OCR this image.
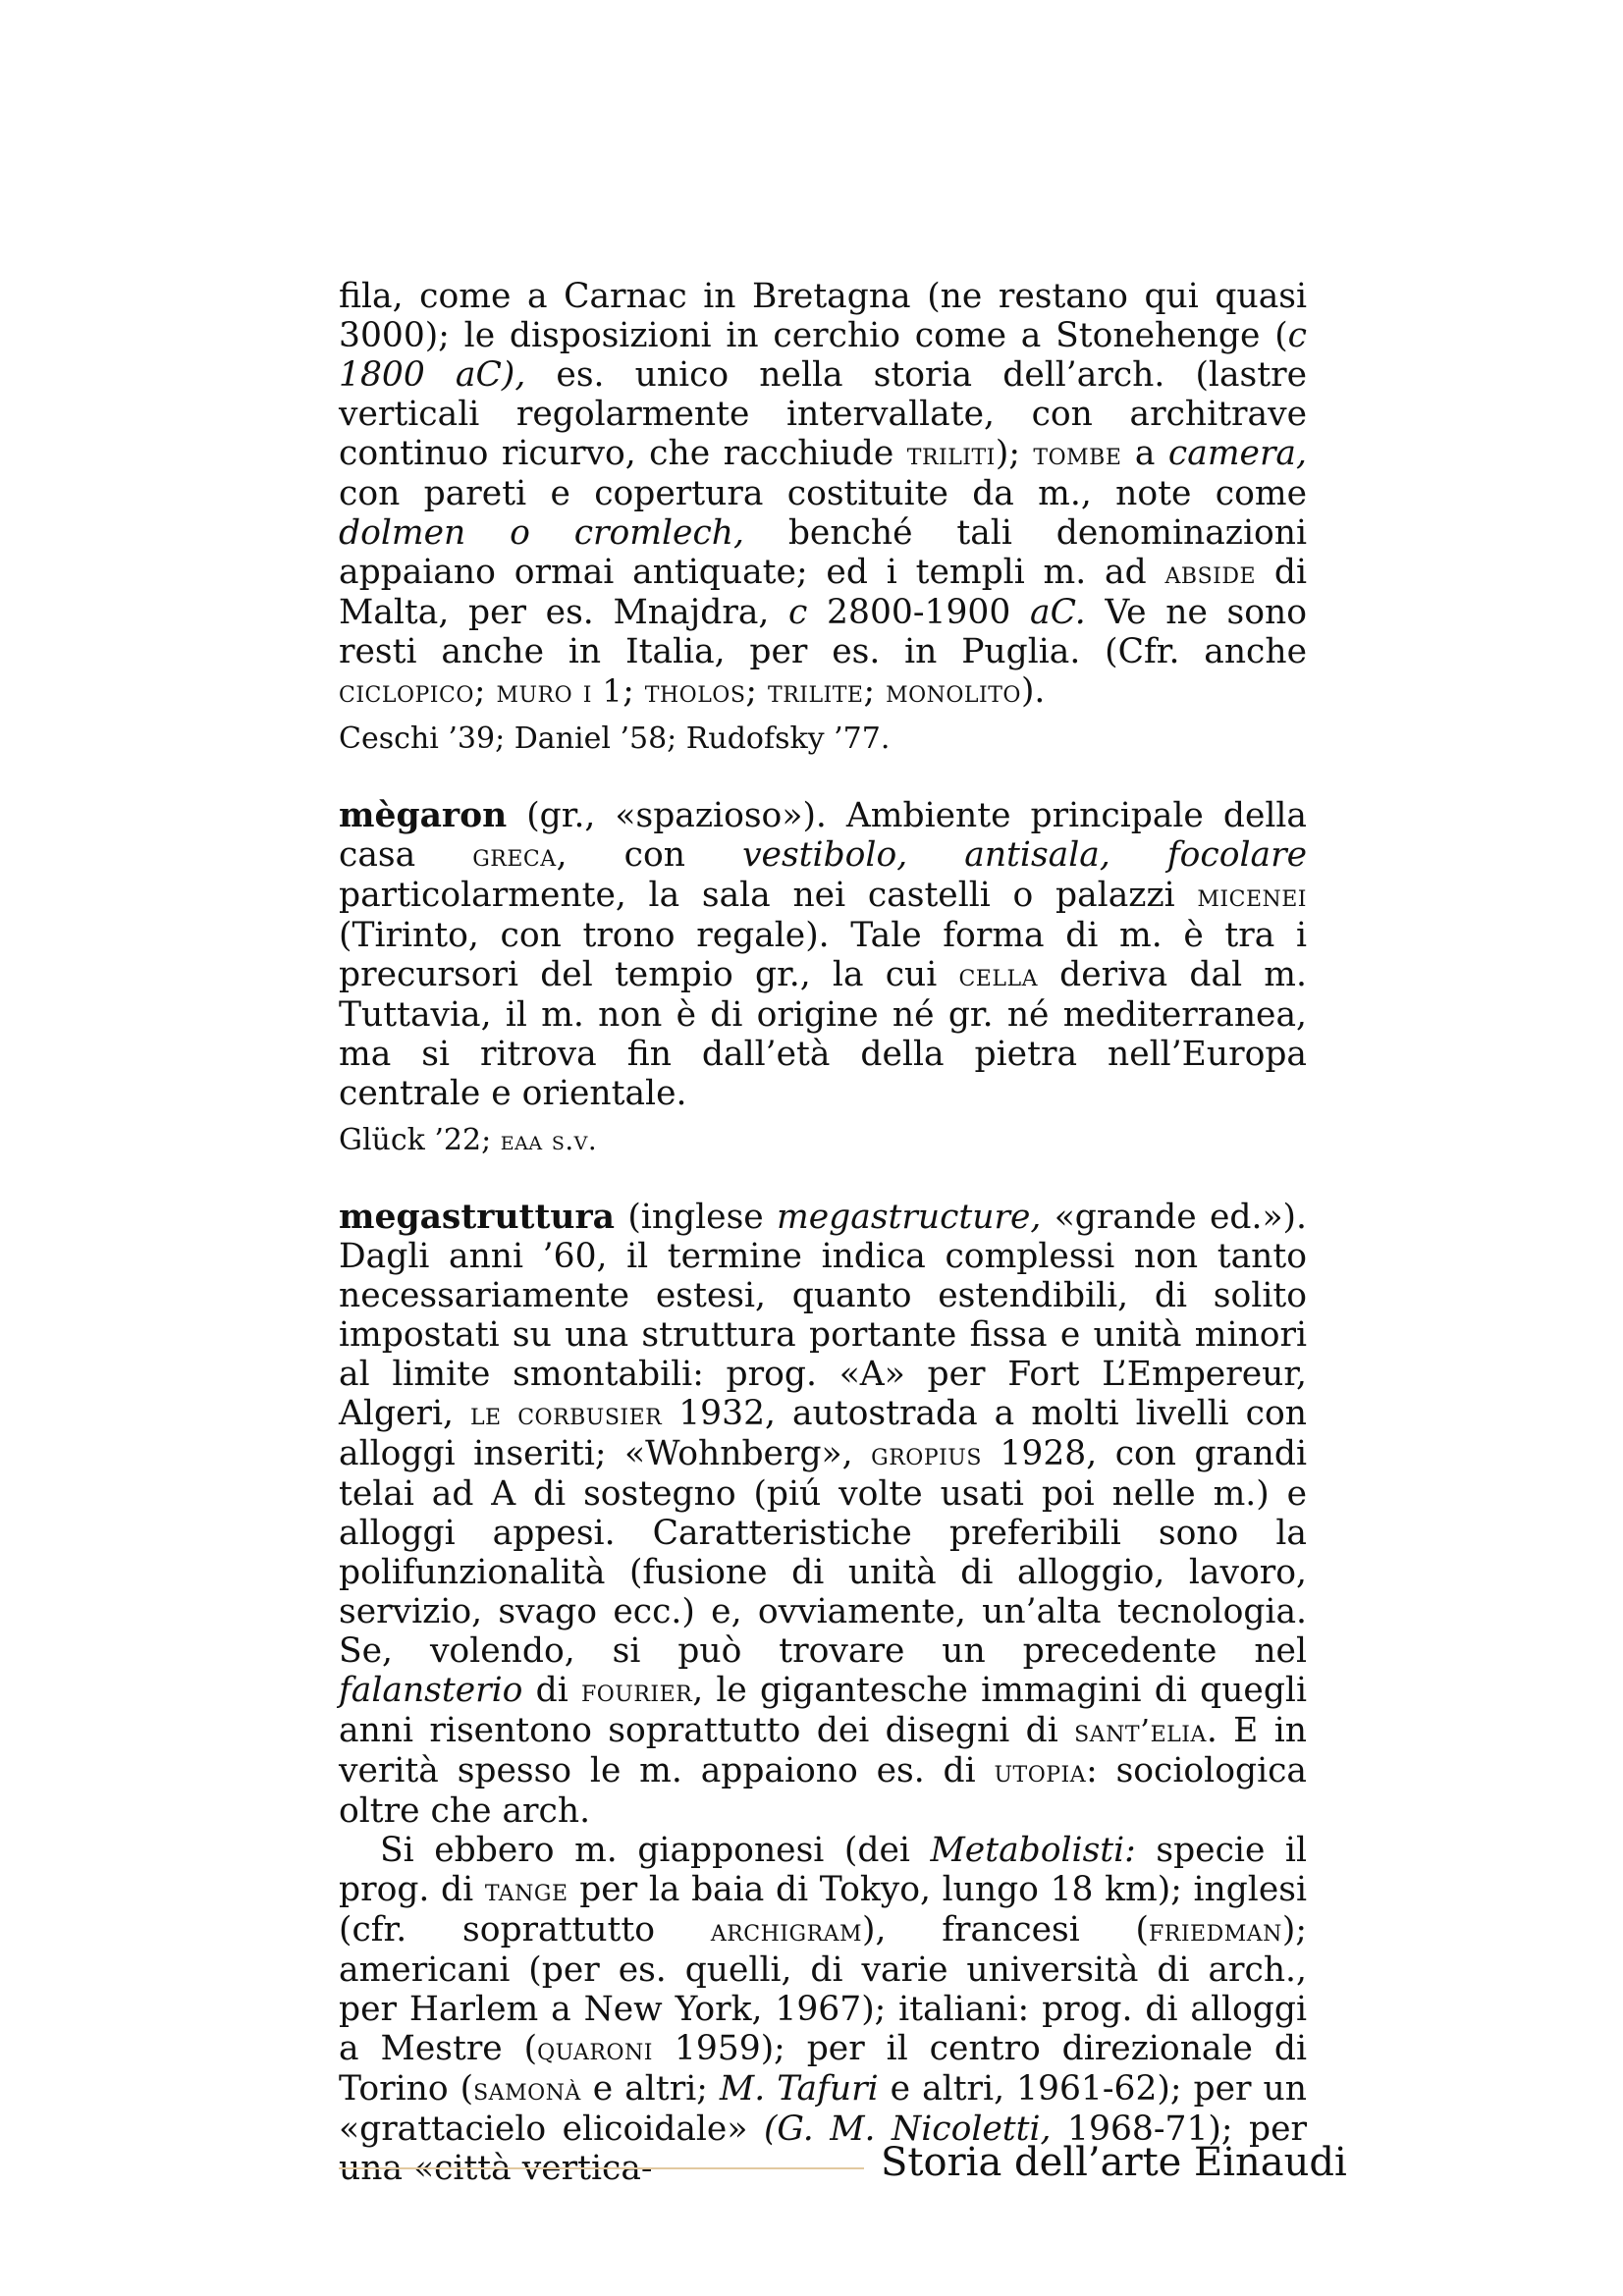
fila, come a Carnac in Bretagna (ne restano qui quasi 3000); le disposizioni in cerchio come a Stonehenge (c 1800 aC), es. unico nella storia dell’arch. (lastre verticali regolarmente intervallate, con architrave continuo ricurvo, che racchiude triliti); tombe a camera, con pareti e copertura costituite da m., note come dolmen o cromlech, benché tali denominazioni appaiano ormai antiquate; ed i templi m. ad abside di Malta, per es. Mnajdra, c 2800-1900 aC. Ve ne sono resti anche in Italia, per es. in Puglia. (Cfr. anche ciclopico; muro i 1; tholos; trilite; monolito).

Ceschi ’39; Daniel ’58; Rudofsky ’77.

mègaron (gr., «spazioso»). Ambiente principale della casa greca, con vestibolo, antisala, focolare particolarmente, la sala nei castelli o palazzi micenei (Tirinto, con trono regale). Tale forma di m. è tra i precursori del tempio gr., la cui cella deriva dal m. Tuttavia, il m. non è di origine né gr. né mediterranea, ma si ritrova fin dall’età della pietra nell’Europa centrale e orientale.

Glück ’22; eaa s.v.

megastruttura (inglese megastructure, «grande ed.»). Dagli anni ’60, il termine indica complessi non tanto necessariamente estesi, quanto estendibili, di solito impostati su una struttura portante fissa e unità minori al limite smontabili: prog. «A» per Fort L’Empereur, Algeri, le corbusier 1932, autostrada a molti livelli con alloggi inseriti; «Wohnberg», gropius 1928, con grandi telai ad A di sostegno (piú volte usati poi nelle m.) e alloggi appesi. Caratteristiche preferibili sono la polifunzionalità (fusione di unità di alloggio, lavoro, servizio, svago ecc.) e, ovviamente, un’alta tecnologia. Se, volendo, si può trovare un precedente nel falansterio di fourier, le gigantesche immagini di quegli anni risentono soprattutto dei disegni di sant’elia. E in verità spesso le m. appaiono es. di utopia: sociologica oltre che arch.

Si ebbero m. giapponesi (dei Metabolisti: specie il prog. di tange per la baia di Tokyo, lungo 18 km); inglesi (cfr. soprattutto archigram), francesi (friedman); americani (per es. quelli, di varie università di arch., per Harlem a New York, 1967); italiani: prog. di alloggi a Mestre (quaroni 1959); per il centro direzionale di Torino (samonà e altri; M. Tafuri e altri, 1961-62); per un «grattacielo elicoidale» (G. M. Nicoletti, 1968-71); per una «città vertica-	Storia dell’arte Einaudi
